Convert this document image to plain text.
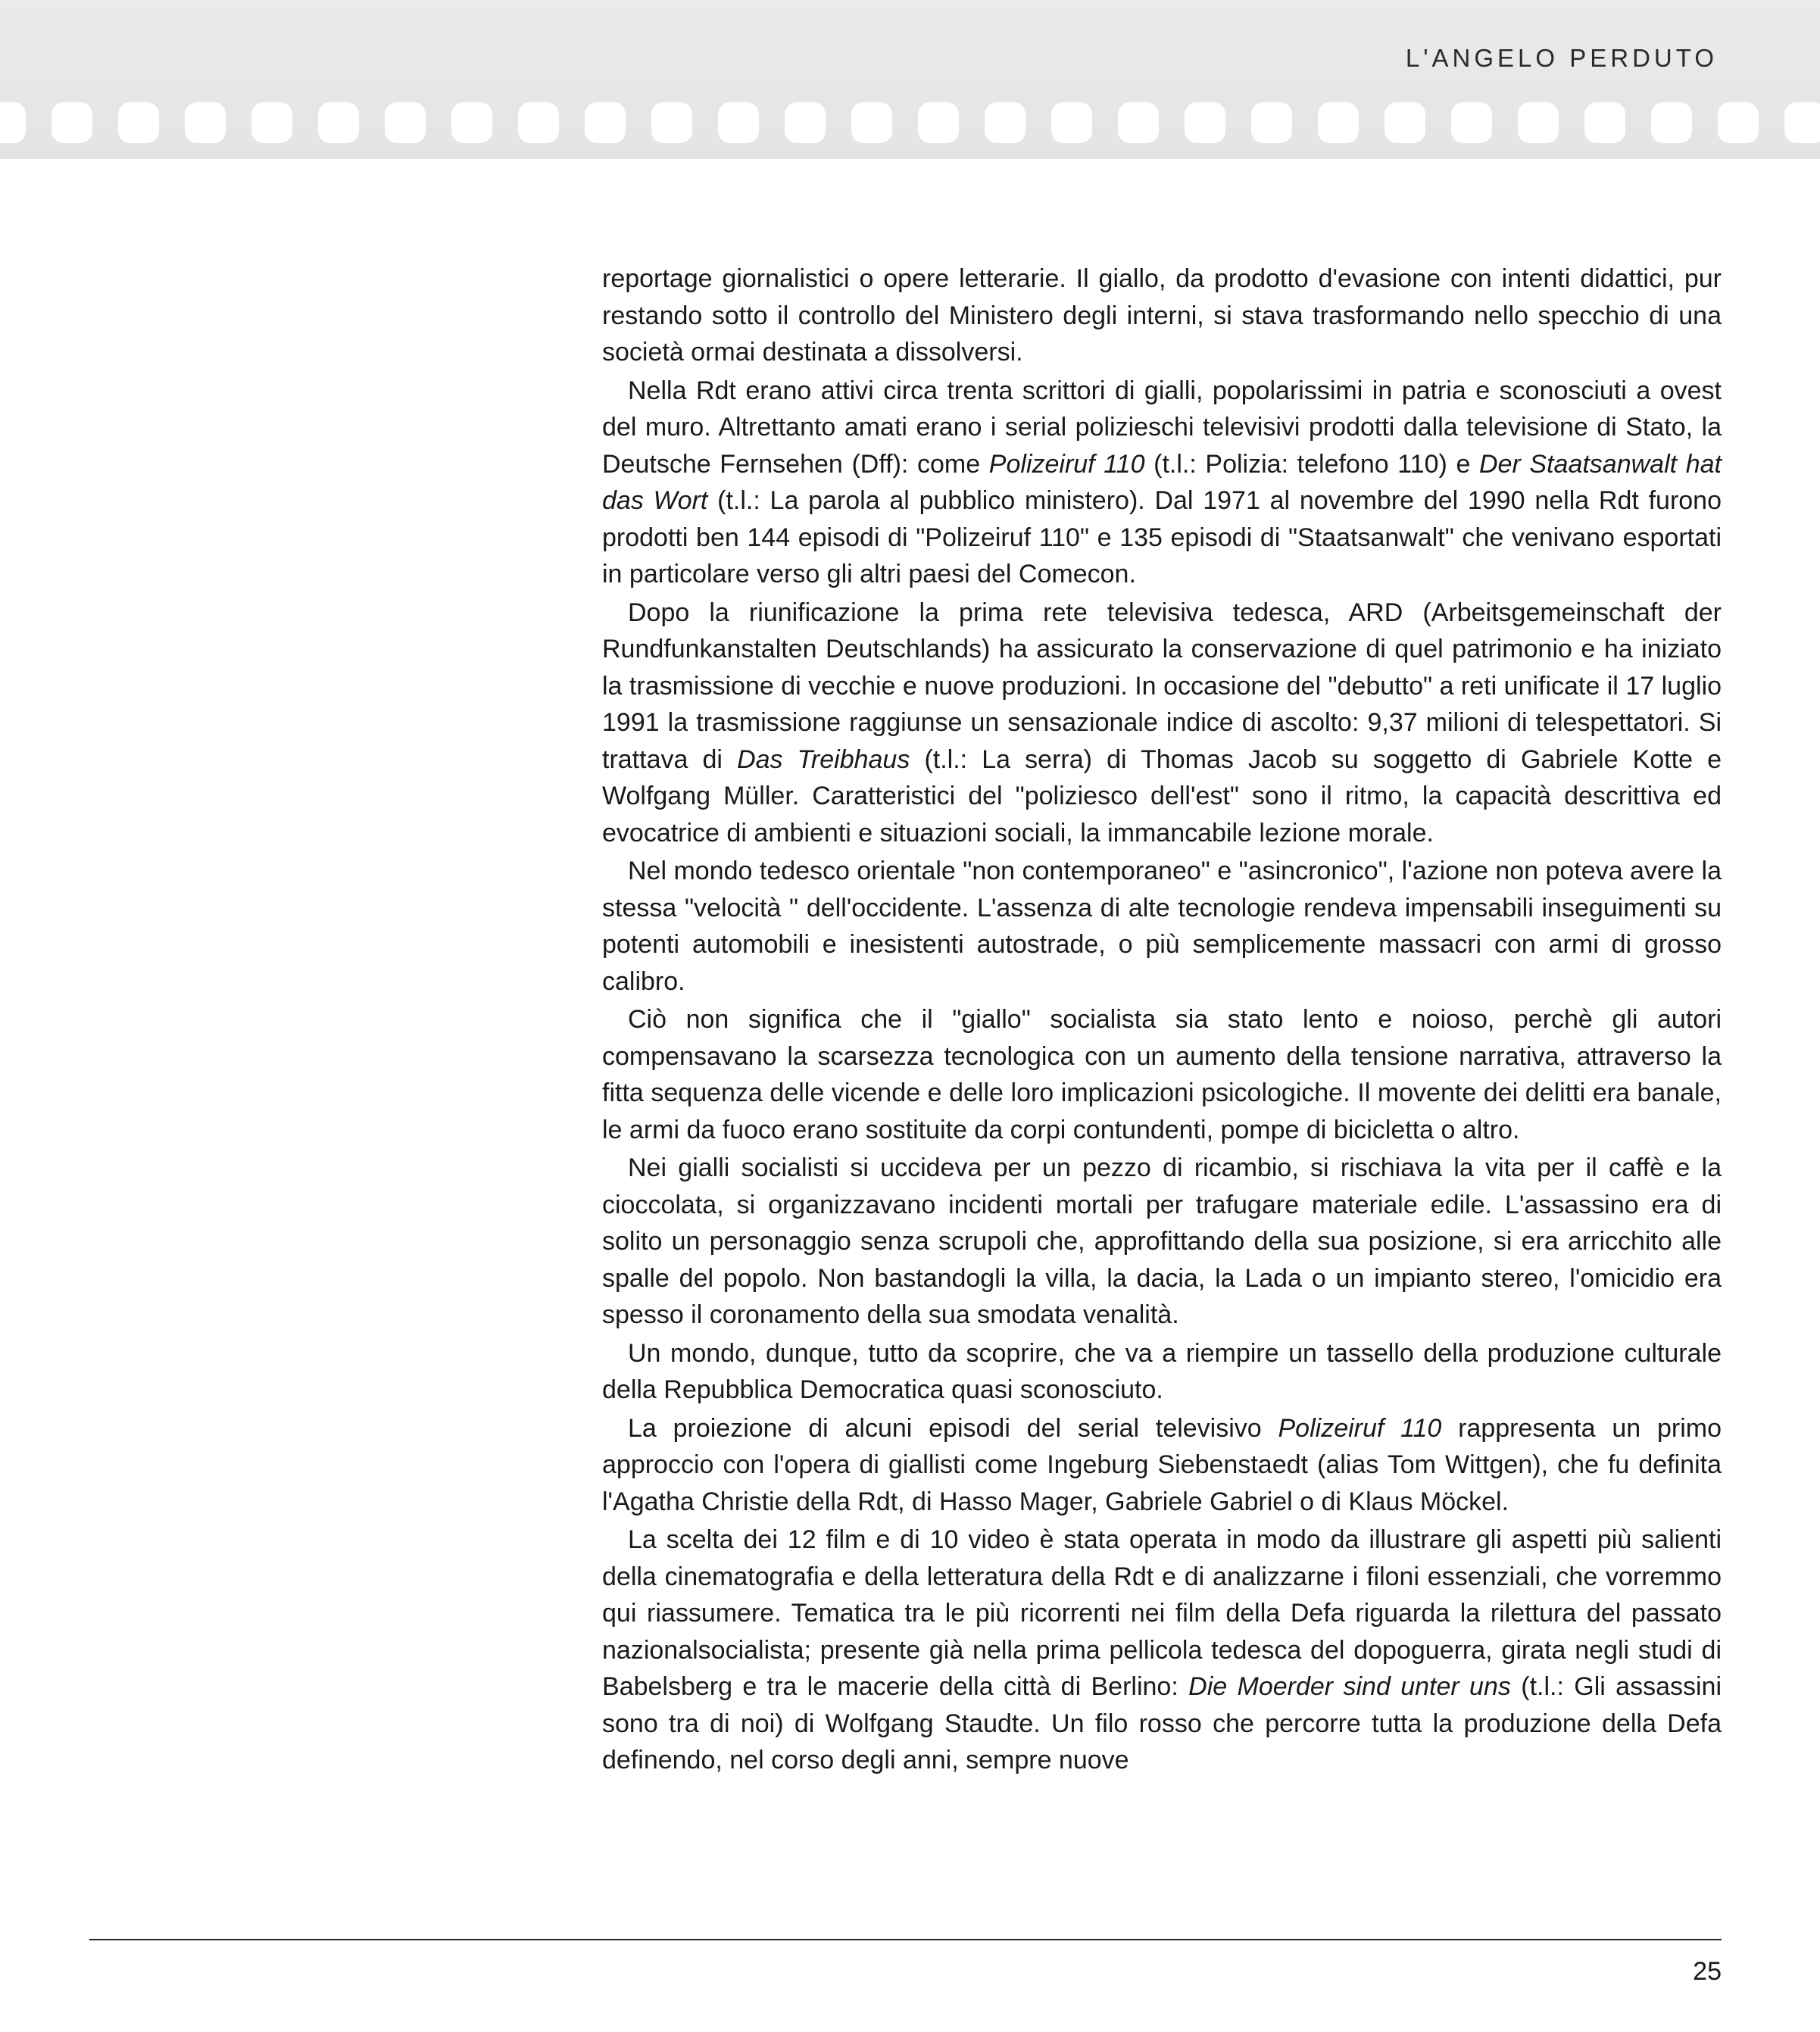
L'ANGELO PERDUTO

reportage giornalistici o opere letterarie. Il giallo, da prodotto d'evasione con intenti didattici, pur restando sotto il controllo del Ministero degli interni, si stava trasformando nello specchio di una società ormai destinata a dissolversi.

Nella Rdt erano attivi circa trenta scrittori di gialli, popolarissimi in patria e sconosciuti a ovest del muro. Altrettanto amati erano i serial polizieschi televisivi prodotti dalla televisione di Stato, la Deutsche Fernsehen (Dff): come Polizeiruf 110 (t.l.: Polizia: telefono 110) e Der Staatsanwalt hat das Wort (t.l.: La parola al pubblico ministero). Dal 1971 al novembre del 1990 nella Rdt furono prodotti ben 144 episodi di "Polizeiruf 110" e 135 episodi di "Staatsanwalt" che venivano esportati in particolare verso gli altri paesi del Comecon.

Dopo la riunificazione la prima rete televisiva tedesca, ARD (Arbeitsgemeinschaft der Rundfunkanstalten Deutschlands) ha assicurato la conservazione di quel patrimonio e ha iniziato la trasmissione di vecchie e nuove produzioni. In occasione del "debutto" a reti unificate il 17 luglio 1991 la trasmissione raggiunse un sensazionale indice di ascolto: 9,37 milioni di telespettatori. Si trattava di Das Treibhaus (t.l.: La serra) di Thomas Jacob su soggetto di Gabriele Kotte e Wolfgang Müller. Caratteristici del "poliziesco dell'est" sono il ritmo, la capacità descrittiva ed evocatrice di ambienti e situazioni sociali, la immancabile lezione morale.

Nel mondo tedesco orientale "non contemporaneo" e "asincronico", l'azione non poteva avere la stessa "velocità " dell'occidente. L'assenza di alte tecnologie rendeva impensabili inseguimenti su potenti automobili e inesistenti autostrade, o più semplicemente massacri con armi di grosso calibro.

Ciò non significa che il "giallo" socialista sia stato lento e noioso, perchè gli autori compensavano la scarsezza tecnologica con un aumento della tensione narrativa, attraverso la fitta sequenza delle vicende e delle loro implicazioni psicologiche. Il movente dei delitti era banale, le armi da fuoco erano sostituite da corpi contundenti, pompe di bicicletta o altro.

Nei gialli socialisti si uccideva per un pezzo di ricambio, si rischiava la vita per il caffè e la cioccolata, si organizzavano incidenti mortali per trafugare materiale edile. L'assassino era di solito un personaggio senza scrupoli che, approfittando della sua posizione, si era arricchito alle spalle del popolo. Non bastandogli la villa, la dacia, la Lada o un impianto stereo, l'omicidio era spesso il coronamento della sua smodata venalità.

Un mondo, dunque, tutto da scoprire, che va a riempire un tassello della produzione culturale della Repubblica Democratica quasi sconosciuto.

La proiezione di alcuni episodi del serial televisivo Polizeiruf 110 rappresenta un primo approccio con l'opera di giallisti come Ingeburg Siebenstaedt (alias Tom Wittgen), che fu definita l'Agatha Christie della Rdt, di Hasso Mager, Gabriele Gabriel o di Klaus Möckel.

La scelta dei 12 film e di 10 video è stata operata in modo da illustrare gli aspetti più salienti della cinematografia e della letteratura della Rdt e di analizzarne i filoni essenziali, che vorremmo qui riassumere. Tematica tra le più ricorrenti nei film della Defa riguarda la rilettura del passato nazionalsocialista; presente già nella prima pellicola tedesca del dopoguerra, girata negli studi di Babelsberg e tra le macerie della città di Berlino: Die Moerder sind unter uns (t.l.: Gli assassini sono tra di noi) di Wolfgang Staudte. Un filo rosso che percorre tutta la produzione della Defa definendo, nel corso degli anni, sempre nuove

25
